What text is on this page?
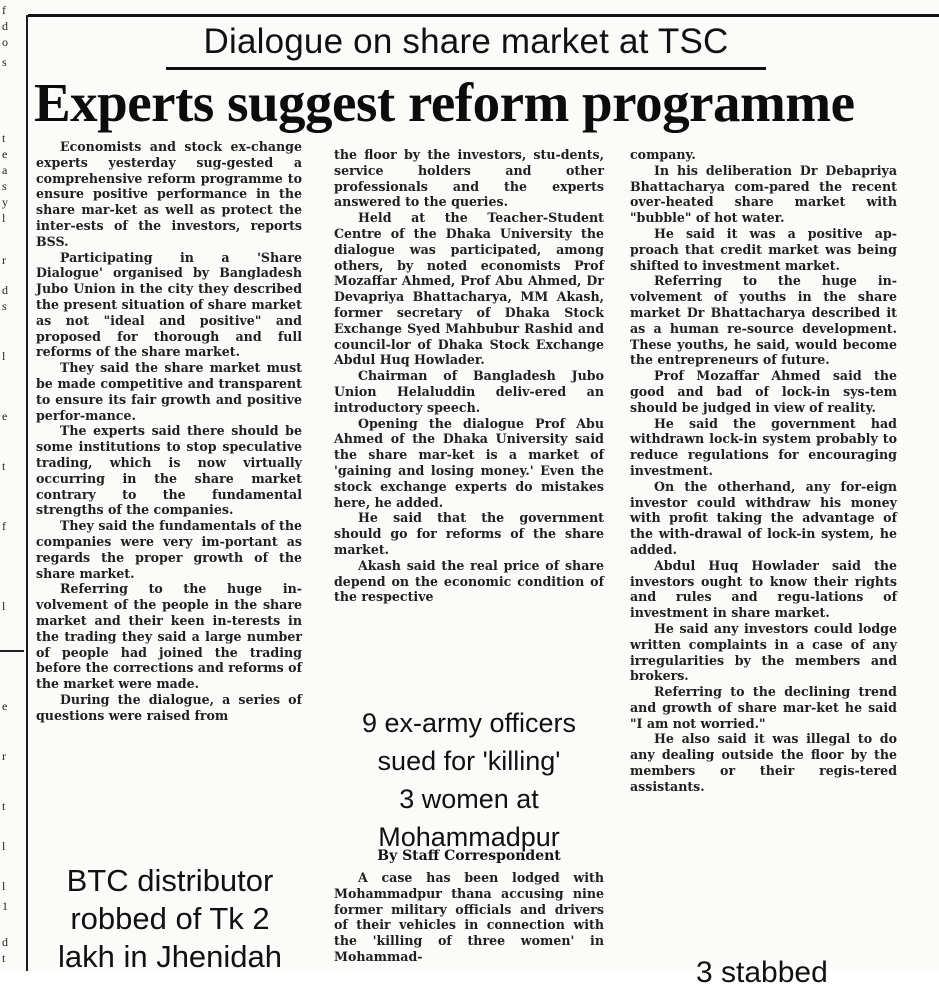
f
d
o
s
t
e
a
s
y
l
r
d
s
l
e
t
f
l
e
r
t
l
l
1
d
t
Dialogue on share market at TSC
Experts suggest reform programme

Economists and stock ex-change experts yesterday sug-gested a comprehensive reform programme to ensure positive performance in the share mar-ket as well as protect the inter-ests of the investors, reports BSS.

Participating in a 'Share Dialogue' organised by Bangladesh Jubo Union in the city they described the present situation of share market as not "ideal and positive" and proposed for thorough and full reforms of the share market.

They said the share market must be made competitive and transparent to ensure its fair growth and positive perfor-mance.

The experts said there should be some institutions to stop speculative trading, which is now virtually occurring in the share market contrary to the fundamental strengths of the companies.

They said the fundamentals of the companies were very im-portant as regards the proper growth of the share market.

Referring to the huge in-volvement of the people in the share market and their keen in-terests in the trading they said a large number of people had joined the trading before the corrections and reforms of the market were made.

During the dialogue, a series of questions were raised from

BTC distributor
robbed of Tk 2
lakh in Jhenidah

the floor by the investors, stu-dents, service holders and other professionals and the experts answered to the queries.

Held at the Teacher-Student Centre of the Dhaka University the dialogue was participated, among others, by noted economists Prof Mozaffar Ahmed, Prof Abu Ahmed, Dr Devapriya Bhattacharya, MM Akash, former secretary of Dhaka Stock Exchange Syed Mahbubur Rashid and council-lor of Dhaka Stock Exchange Abdul Huq Howlader.

Chairman of Bangladesh Jubo Union Helaluddin deliv-ered an introductory speech.

Opening the dialogue Prof Abu Ahmed of the Dhaka University said the share mar-ket is a market of 'gaining and losing money.' Even the stock exchange experts do mistakes here, he added.

He said that the government should go for reforms of the share market.

Akash said the real price of share depend on the economic condition of the respective

9 ex-army officers
sued for 'killing'
3 women at
Mohammadpur
By Staff Correspondent

A case has been lodged with Mohammadpur thana accusing nine former military officials and drivers of their vehicles in connection with the 'killing of three women' in Mohammad-

company.

In his deliberation Dr Debapriya Bhattacharya com-pared the recent over-heated share market with "bubble" of hot water.

He said it was a positive ap-proach that credit market was being shifted to investment market.

Referring to the huge in-volvement of youths in the share market Dr Bhattacharya described it as a human re-source development. These youths, he said, would become the entrepreneurs of future.

Prof Mozaffar Ahmed said the good and bad of lock-in sys-tem should be judged in view of reality.

He said the government had withdrawn lock-in system probably to reduce regulations for encouraging investment.

On the otherhand, any for-eign investor could withdraw his money with profit taking the advantage of the with-drawal of lock-in system, he added.

Abdul Huq Howlader said the investors ought to know their rights and rules and regu-lations of investment in share market.

He said any investors could lodge written complaints in a case of any irregularities by the members and brokers.

Referring to the declining trend and growth of share mar-ket he said "I am not worried."

He also said it was illegal to do any dealing outside the floor by the members or their regis-tered assistants.

3 stabbed
